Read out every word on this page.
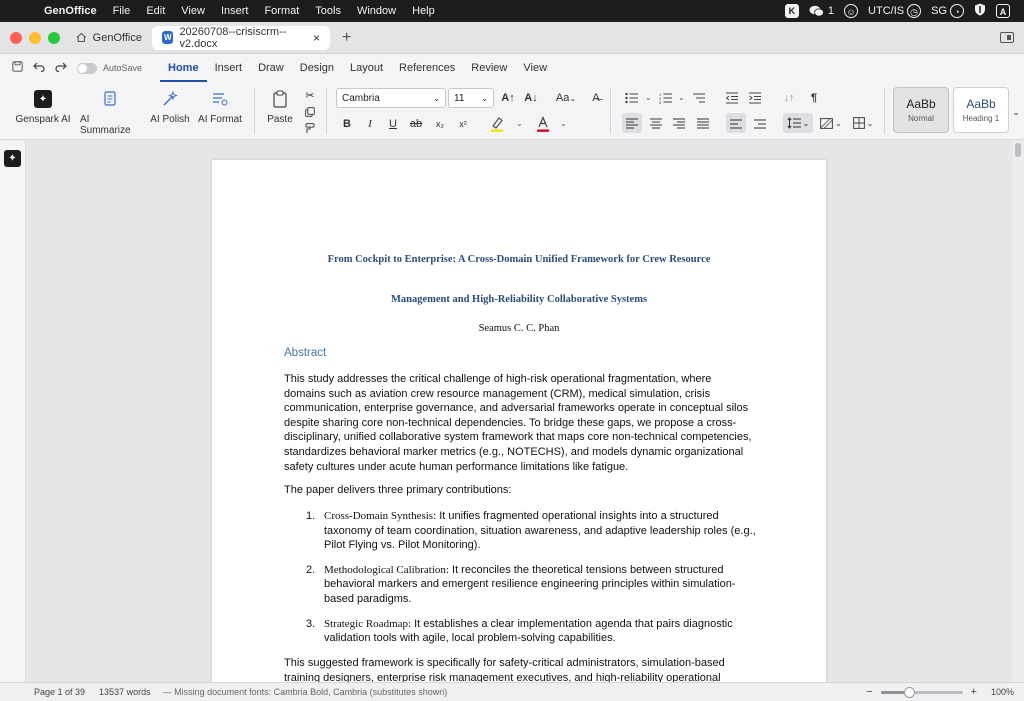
GenOffice	File	Edit	View	Insert	Format	Tools	Window	Help	K	1 ☺ UTC/IS ◷ SG ◔	A
GenOffice	W 20260708--crisiscrm--v2.docx	×	+
AutoSave	Home	Insert	Draw	Design	Layout	References	Review	View
✦
Genspark AI AI Summarize
AI Polish AI Format	Paste
✂	Cambria	⌄ 11 ⌄ A↑ A↓ Aa ⌄	A̶
B	I	U	ab	x₂	x²	⌄	⌄
⌄ 1
2
3
⌄	↓↑	¶
⌄	⌄	⌄
AaBb
Normal
AaBb
Heading 1
⌄
✦
From Cockpit to Enterprise: A Cross-Domain Unified Framework for Crew Resource
Management and High-Reliability Collaborative Systems
Seamus C. C. Phan
Abstract
This study addresses the critical challenge of high-risk operational fragmentation, where domains such as aviation crew resource management (CRM), medical simulation, crisis communication, enterprise governance, and adversarial frameworks operate in conceptual silos despite sharing core non-technical dependencies. To bridge these gaps, we propose a cross-disciplinary, unified collaborative system framework that maps core non-technical competencies, standardizes behavioral marker metrics (e.g., NOTECHS), and models dynamic organizational safety cultures under acute human performance limitations like fatigue.
The paper delivers three primary contributions:
1. Cross-Domain Synthesis: It unifies fragmented operational insights into a structured taxonomy of team coordination, situation awareness, and adaptive leadership roles (e.g., Pilot Flying vs. Pilot Monitoring).
2. Methodological Calibration: It reconciles the theoretical tensions between structured behavioral markers and emergent resilience engineering principles within simulation-based paradigms.
3. Strategic Roadmap: It establishes a clear implementation agenda that pairs diagnostic validation tools with agile, local problem-solving capabilities.
This suggested framework is specifically for safety-critical administrators, simulation-based training designers, enterprise risk management executives, and high-reliability operational
Page 1 of 39	13537 words	— Missing document fonts: Cambria Bold, Cambria (substitutes shown)	−	+ 100%
